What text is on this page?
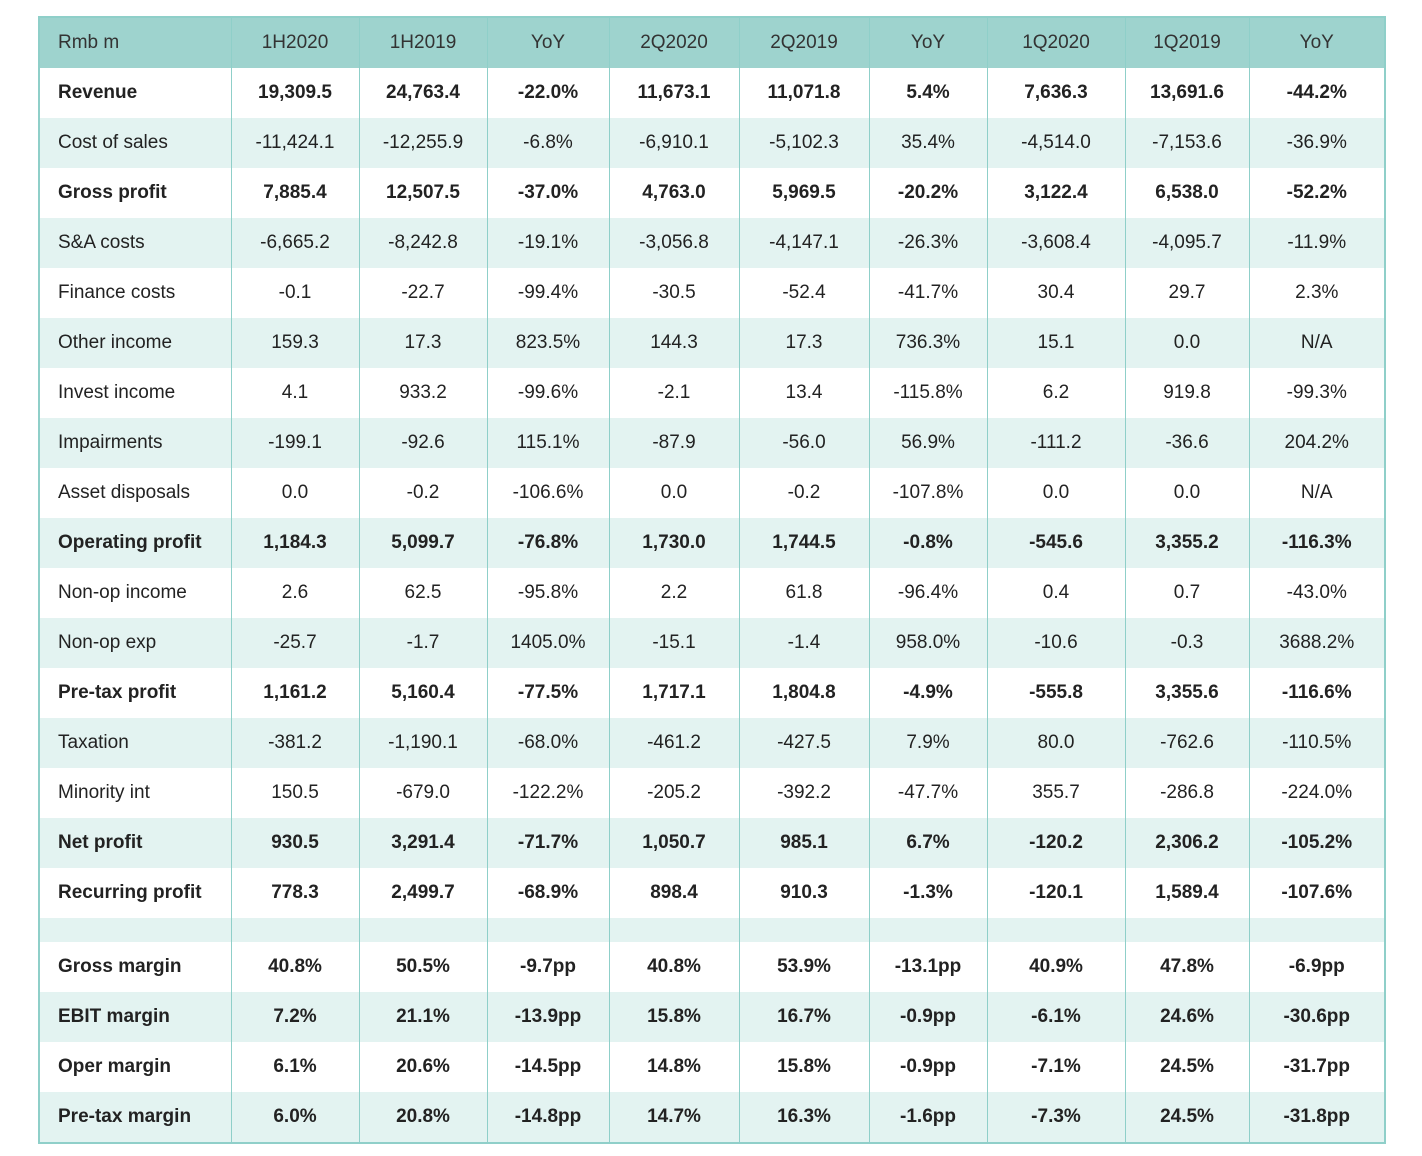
Rmb m	1H2020	1H2019	YoY	2Q2020	2Q2019	YoY	1Q2020	1Q2019	YoY
Revenue	19,309.5	24,763.4	-22.0%	11,673.1	11,071.8	5.4%	7,636.3	13,691.6	-44.2%
Cost of sales	-11,424.1	-12,255.9	-6.8%	-6,910.1	-5,102.3	35.4%	-4,514.0	-7,153.6	-36.9%
Gross profit	7,885.4	12,507.5	-37.0%	4,763.0	5,969.5	-20.2%	3,122.4	6,538.0	-52.2%
S&A costs	-6,665.2	-8,242.8	-19.1%	-3,056.8	-4,147.1	-26.3%	-3,608.4	-4,095.7	-11.9%
Finance costs	-0.1	-22.7	-99.4%	-30.5	-52.4	-41.7%	30.4	29.7	2.3%
Other income	159.3	17.3	823.5%	144.3	17.3	736.3%	15.1	0.0	N/A
Invest income	4.1	933.2	-99.6%	-2.1	13.4	-115.8%	6.2	919.8	-99.3%
Impairments	-199.1	-92.6	115.1%	-87.9	-56.0	56.9%	-111.2	-36.6	204.2%
Asset disposals	0.0	-0.2	-106.6%	0.0	-0.2	-107.8%	0.0	0.0	N/A
Operating profit	1,184.3	5,099.7	-76.8%	1,730.0	1,744.5	-0.8%	-545.6	3,355.2	-116.3%
Non-op income	2.6	62.5	-95.8%	2.2	61.8	-96.4%	0.4	0.7	-43.0%
Non-op exp	-25.7	-1.7	1405.0%	-15.1	-1.4	958.0%	-10.6	-0.3	3688.2%
Pre-tax profit	1,161.2	5,160.4	-77.5%	1,717.1	1,804.8	-4.9%	-555.8	3,355.6	-116.6%
Taxation	-381.2	-1,190.1	-68.0%	-461.2	-427.5	7.9%	80.0	-762.6	-110.5%
Minority int	150.5	-679.0	-122.2%	-205.2	-392.2	-47.7%	355.7	-286.8	-224.0%
Net profit	930.5	3,291.4	-71.7%	1,050.7	985.1	6.7%	-120.2	2,306.2	-105.2%
Recurring profit	778.3	2,499.7	-68.9%	898.4	910.3	-1.3%	-120.1	1,589.4	-107.6%

Gross margin	40.8%	50.5%	-9.7pp	40.8%	53.9%	-13.1pp	40.9%	47.8%	-6.9pp
EBIT margin	7.2%	21.1%	-13.9pp	15.8%	16.7%	-0.9pp	-6.1%	24.6%	-30.6pp
Oper margin	6.1%	20.6%	-14.5pp	14.8%	15.8%	-0.9pp	-7.1%	24.5%	-31.7pp
Pre-tax margin	6.0%	20.8%	-14.8pp	14.7%	16.3%	-1.6pp	-7.3%	24.5%	-31.8pp
